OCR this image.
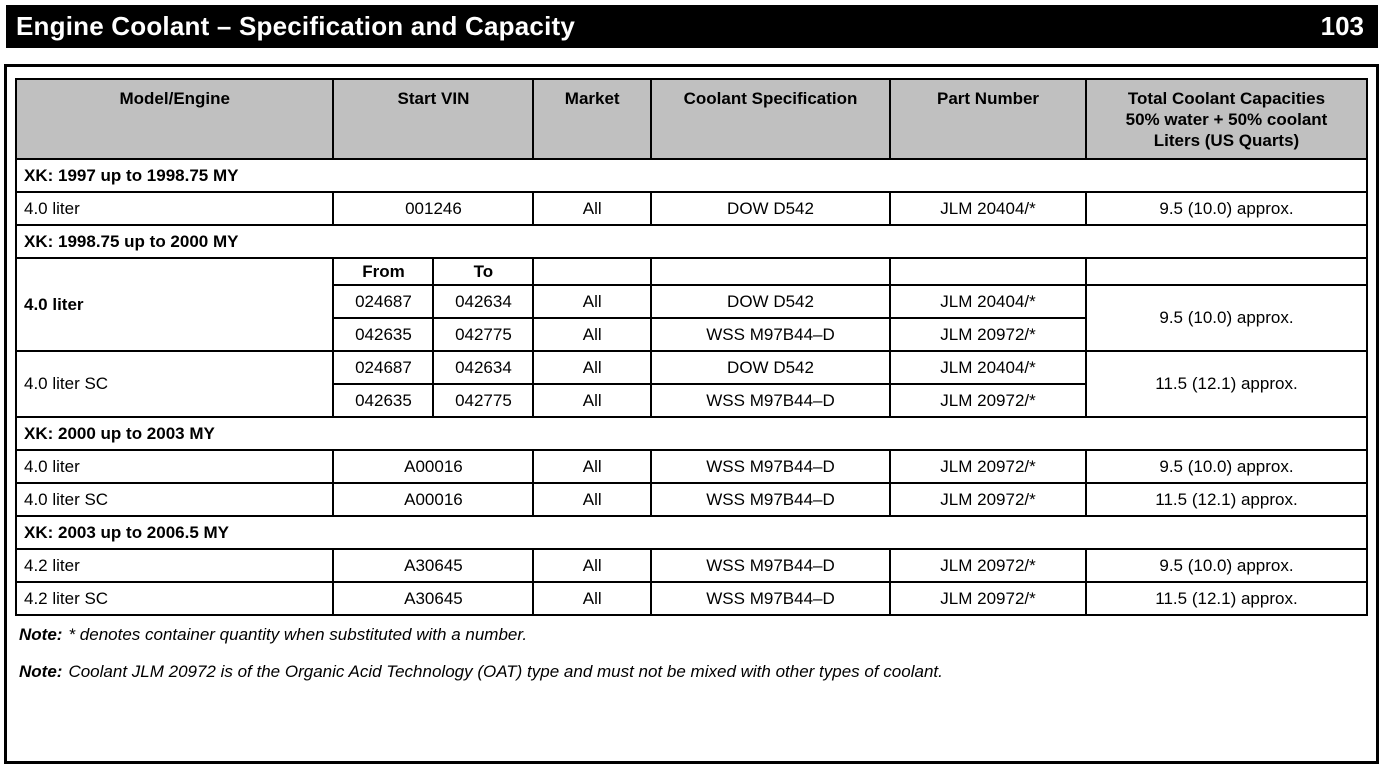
Engine Coolant – Specification and Capacity	103
Model/Engine	Start VIN		Market	Coolant Specification	Part Number	Total Coolant Capacities
50% water + 50% coolant
Liters (US Quarts)

XK: 1997 up to 1998.75 MY						
4.0 liter	001246		All	DOW D542	JLM 20404/*	9.5 (10.0) approx.
XK: 1998.75 up to 2000 MY						
4.0 liter	From	To				
	024687	042634	All	DOW D542	JLM 20404/*	9.5 (10.0) approx.
	042635	042775	All	WSS M97B44–D	JLM 20972/*	
4.0 liter SC	024687	042634	All	DOW D542	JLM 20404/*	11.5 (12.1) approx.
	042635	042775	All	WSS M97B44–D	JLM 20972/*	
XK: 2000 up to 2003 MY						
4.0 liter	A00016		All	WSS M97B44–D	JLM 20972/*	9.5 (10.0) approx.
4.0 liter SC	A00016		All	WSS M97B44–D	JLM 20972/*	11.5 (12.1) approx.
XK: 2003 up to 2006.5 MY						
4.2 liter	A30645		All	WSS M97B44–D	JLM 20972/*	9.5 (10.0) approx.
4.2 liter SC	A30645		All	WSS M97B44–D	JLM 20972/*	11.5 (12.1) approx.
Note: * denotes container quantity when substituted with a number.
Note: Coolant JLM 20972 is of the Organic Acid Technology (OAT) type and must not be mixed with other types of coolant.
